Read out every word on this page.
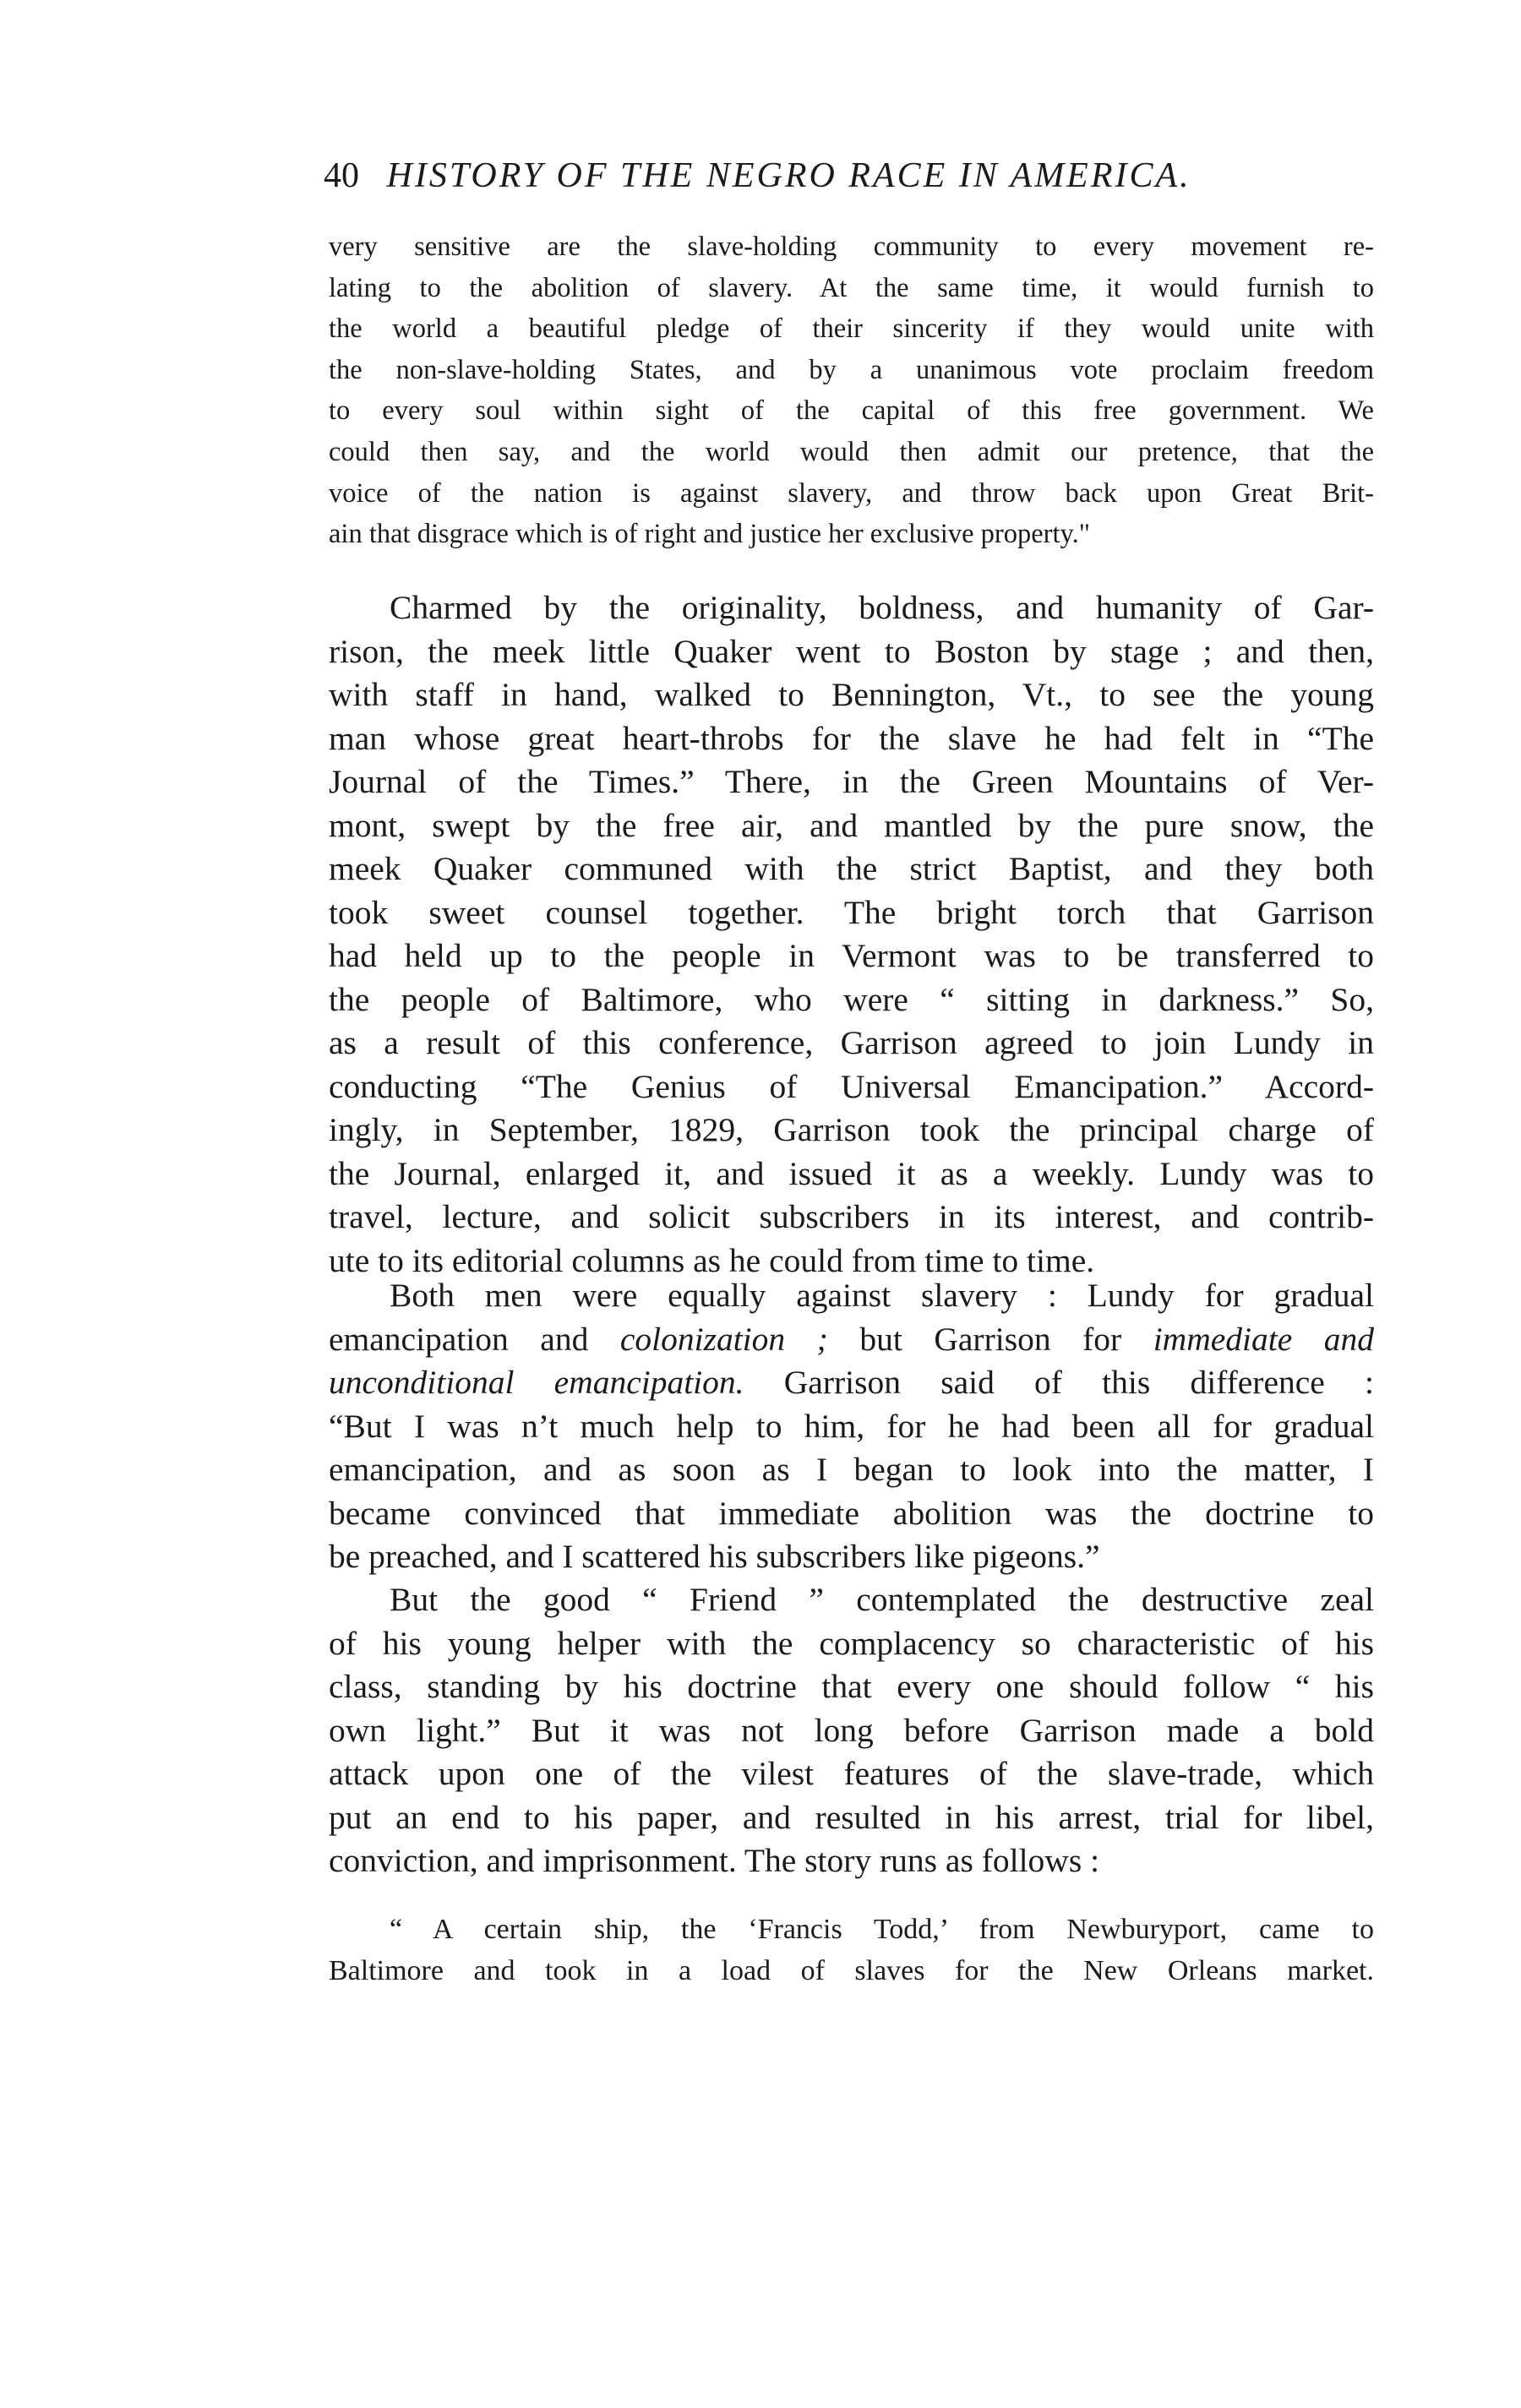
40 HISTORY OF THE NEGRO RACE IN AMERICA.
very sensitive are the slave-holding community to every movement re-
lating to the abolition of slavery. At the same time, it would furnish to
the world a beautiful pledge of their sincerity if they would unite with
the non-slave-holding States, and by a unanimous vote proclaim freedom
to every soul within sight of the capital of this free government. We
could then say, and the world would then admit our pretence, that the
voice of the nation is against slavery, and throw back upon Great Brit-
ain that disgrace which is of right and justice her exclusive property."
Charmed by the originality, boldness, and humanity of Gar-
rison, the meek little Quaker went to Boston by stage ; and then,
with staff in hand, walked to Bennington, Vt., to see the young
man whose great heart-throbs for the slave he had felt in “The
Journal of the Times.” There, in the Green Mountains of Ver-
mont, swept by the free air, and mantled by the pure snow, the
meek Quaker communed with the strict Baptist, and they both
took sweet counsel together. The bright torch that Garrison
had held up to the people in Vermont was to be transferred to
the people of Baltimore, who were “ sitting in darkness.” So,
as a result of this conference, Garrison agreed to join Lundy in
conducting “The Genius of Universal Emancipation.” Accord-
ingly, in September, 1829, Garrison took the principal charge of
the Journal, enlarged it, and issued it as a weekly. Lundy was to
travel, lecture, and solicit subscribers in its interest, and contrib-
ute to its editorial columns as he could from time to time.
Both men were equally against slavery : Lundy for gradual
emancipation and colonization ; but Garrison for immediate and
unconditional emancipation. Garrison said of this difference :
“But I was n’t much help to him, for he had been all for gradual
emancipation, and as soon as I began to look into the matter, I
became convinced that immediate abolition was the doctrine to
be preached, and I scattered his subscribers like pigeons.”
But the good “ Friend ” contemplated the destructive zeal
of his young helper with the complacency so characteristic of his
class, standing by his doctrine that every one should follow “ his
own light.” But it was not long before Garrison made a bold
attack upon one of the vilest features of the slave-trade, which
put an end to his paper, and resulted in his arrest, trial for libel,
conviction, and imprisonment. The story runs as follows :
“ A certain ship, the ‘Francis Todd,’ from Newburyport, came to
Baltimore and took in a load of slaves for the New Orleans market.
